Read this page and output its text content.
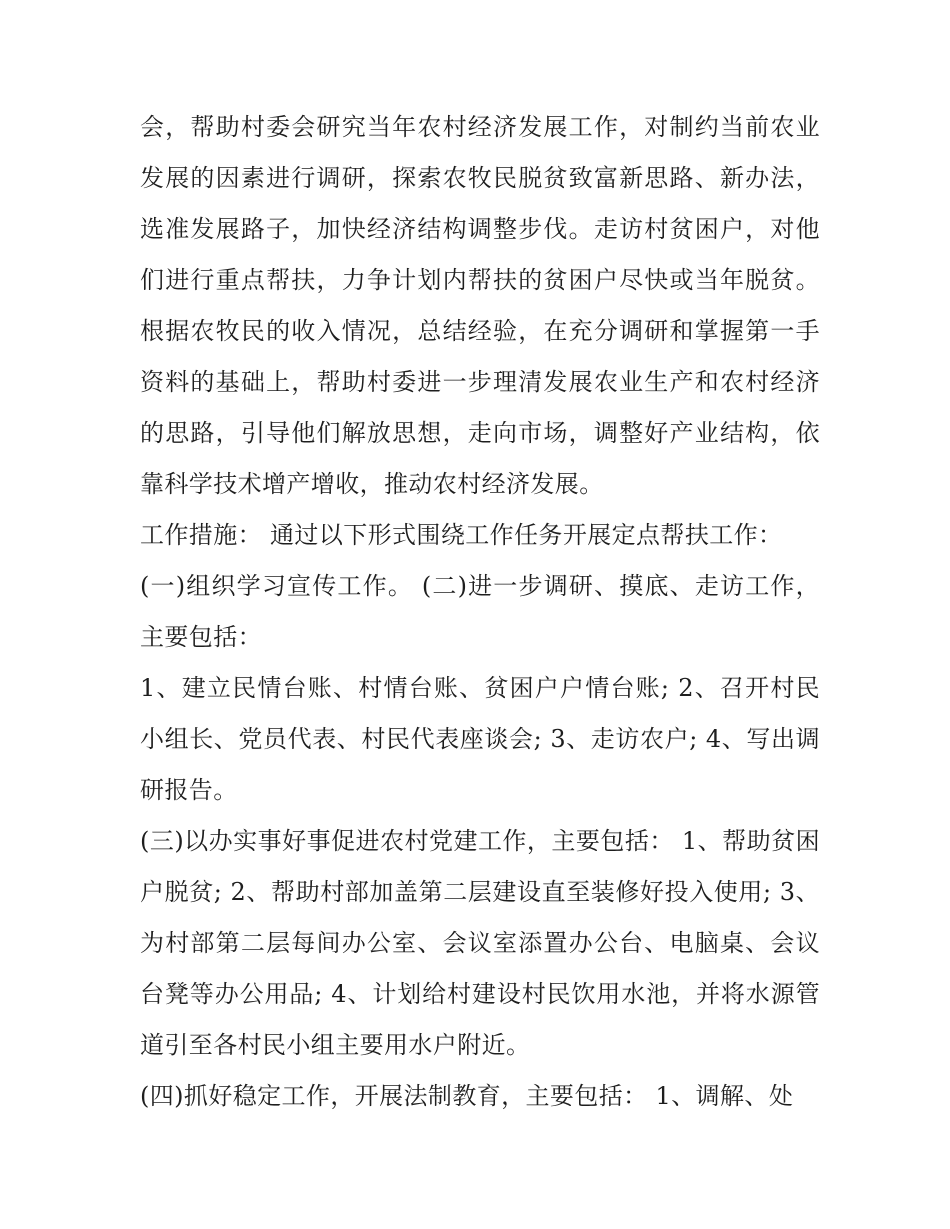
会，帮助村委会研究当年农村经济发展工作，对制约当前农业发展的因素进行调研，探索农牧民脱贫致富新思路、新办法，选准发展路子，加快经济结构调整步伐。走访村贫困户，对他们进行重点帮扶，力争计划内帮扶的贫困户尽快或当年脱贫。根据农牧民的收入情况，总结经验，在充分调研和掌握第一手资料的基础上，帮助村委进一步理清发展农业生产和农村经济的思路，引导他们解放思想，走向市场，调整好产业结构，依靠科学技术增产增收，推动农村经济发展。

工作措施： 通过以下形式围绕工作任务开展定点帮扶工作：

(一)组织学习宣传工作。 (二)进一步调研、摸底、走访工作，主要包括：

1、建立民情台账、村情台账、贫困户户情台账; 2、召开村民小组长、党员代表、村民代表座谈会; 3、走访农户; 4、写出调研报告。

(三)以办实事好事促进农村党建工作，主要包括： 1、帮助贫困户脱贫; 2、帮助村部加盖第二层建设直至装修好投入使用; 3、为村部第二层每间办公室、会议室添置办公台、电脑桌、会议台凳等办公用品; 4、计划给村建设村民饮用水池，并将水源管道引至各村民小组主要用水户附近。

(四)抓好稳定工作，开展法制教育，主要包括： 1、调解、处
